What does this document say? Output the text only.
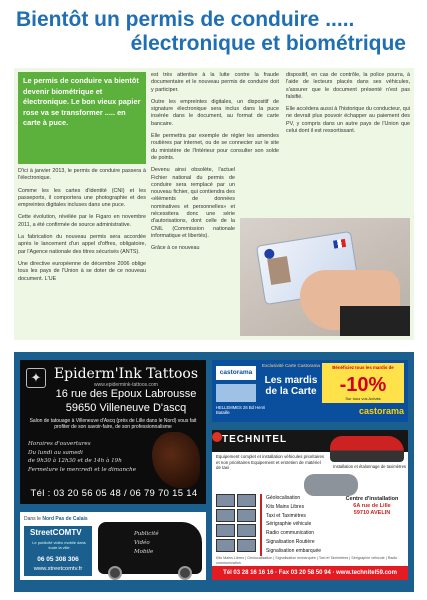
Bientôt un permis de conduire .....
électronique et biométrique
Le permis de conduire va bientôt devenir biométrique et électronique. Le bon vieux papier rose va se transformer ..... en carte à puce.

D'ici à janvier 2013, le permis de conduire passera à l'électronique.

Comme les les cartes d'identité (CNI) et les passeports, il comportera une photographie et des empreintes digitales incluses dans une puce.

Cette évolution, révélée par le Figaro en novembre 2011, a été confirmée de source administrative.

La fabrication du nouveau permis sera accordée après le lancement d'un appel d'offres, obligatoire, par l'Agence nationale des titres sécurisés (ANTS).

Une directive européenne de décembre 2006 oblige tous les pays de l'Union à se doter de ce nouveau document. L'UE

est très attentive à la lutte contre la fraude documentaire et le nouveau permis de conduire doit y participer.

Outre les empreintes digitales, un dispositif de signature électronique sera inclus dans la puce insérée dans le document, au format de carte bancaire.

Elle permettra par exemple de régler les amendes routières par internet, ou de se connecter sur le site du ministère de l'Intérieur pour consulter son solde de points.

Devenu ainsi obsolète, l'actuel Fichier national du permis de conduire sera remplacé par un nouveau fichier, qui contiendra des «éléments de données nominatives et personnelles» et nécessitera donc une série d'autorisations, dont celle de la CNIL (Commission nationale informatique et libertés).

Grâce à ce nouveau

dispositif, en cas de contrôle, la police pourra, à l'aide de lecteurs placés dans ses véhicules, s'assurer que le document présenté n'est pas falsifié.

Elle accédera aussi à l'historique du conducteur, qui ne devrait plus pouvoir échapper au paiement des PV, y compris dans un autre pays de l'Union que celui dont il est ressortissant.

✦ Epiderm'Ink Tattoos
www.epidermink-tattoos.com
16 rue des Epoux Labrousse
59650 Villeneuve D'ascq
Salon de tatouage à Villeneuve d'Ascq (près de Lille dans le Nord) vous fait profiter de son savoir-faire, de son professionnalisme
Horaires d'ouvertures
Du lundi au samedi
de 9h30 à 12h30 et de 14h à 19h
Fermeture le mercredi et le dimanche
Tél : 03 20 56 05 48 / 06 79 70 15 14
castorama
Exclusivité Carte Castorama
Les mardis de la Carte
Bénéficiez tous les mardis de
-10%
Sur tous vos Achats
HELLEMMES 26 Bd Henri Bataille	castorama
TECHNITEL
Equipement complet et installation véhicules prioritaires et non prioritaires Equipement et entretien de matériel de taxi	Installation et étalonnage de taximètres
Géolocalisation
Kits Mains Libres
Taxi et Taximètres
Sérigraphie véhicule
Radio communication
Signalisation Routière
Signalisation embarquée
Centre d'installation
6A rue de Lille
59710 AVELIN
Kits Mains Libres | Géolocalisation | Signalisation embarquée | Taxi et Taximètres | Sérigraphie véhicule | Radio communication
Tél 03 28 16 16 16 · Fax 03 20 58 50 94 · www.technitel59.com
Dans le Nord Pas de Calais
StreetCOMTV
Le publicité vidéo mobile dans toute la ville
06 05 308 306
www.streetcomtv.fr
Publicité
Vidéo
Mobile
